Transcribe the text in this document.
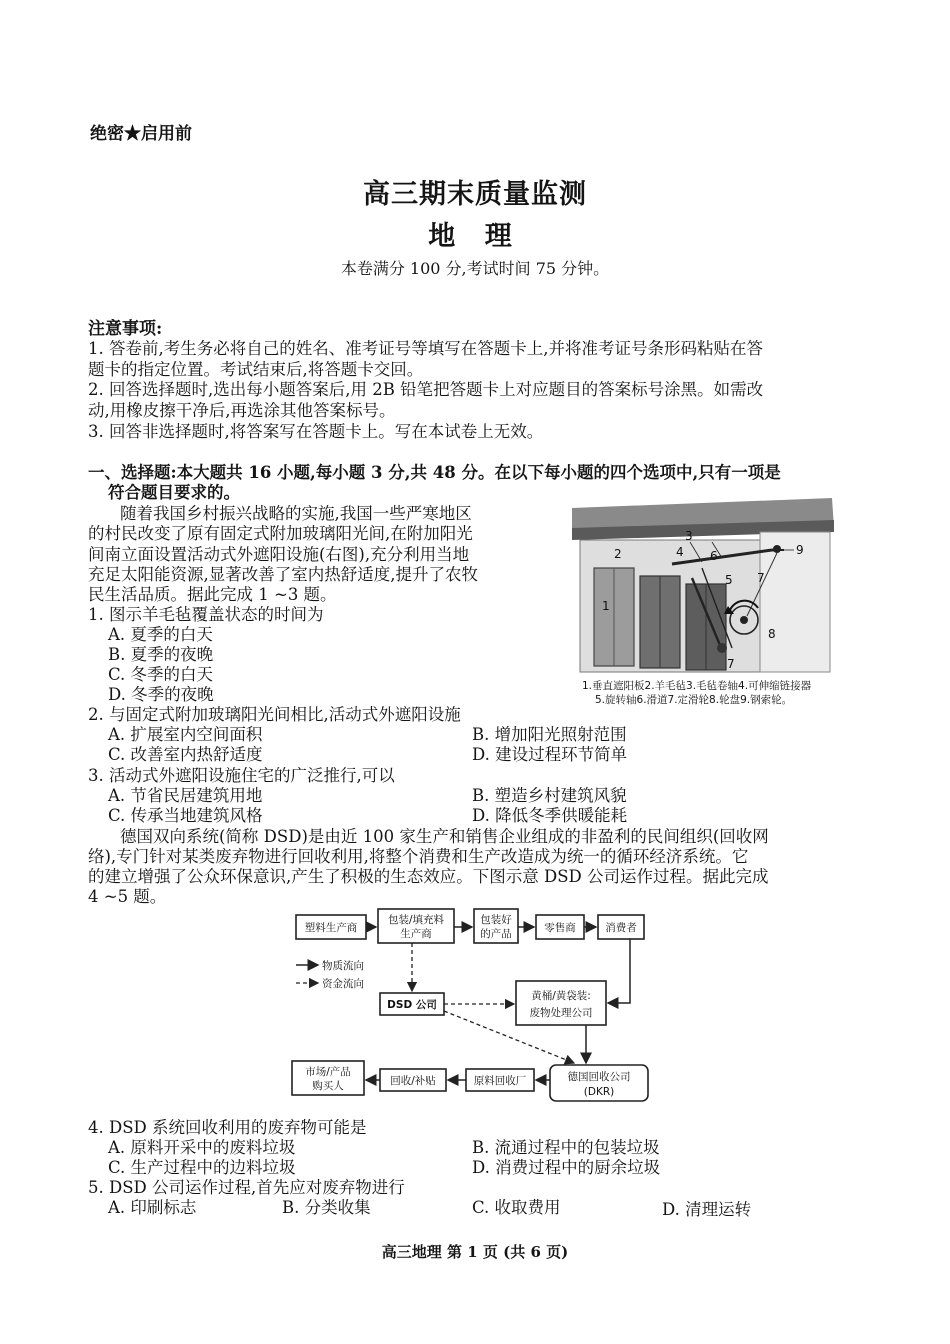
绝密★启用前
高三期末质量监测
地 理
本卷满分 100 分,考试时间 75 分钟。
注意事项:
1. 答卷前,考生务必将自己的姓名、准考证号等填写在答题卡上,并将准考证号条形码粘贴在答
题卡的指定位置。考试结束后,将答题卡交回。
2. 回答选择题时,选出每小题答案后,用 2B 铅笔把答题卡上对应题目的答案标号涂黑。如需改
动,用橡皮擦干净后,再选涂其他答案标号。
3. 回答非选择题时,将答案写在答题卡上。写在本试卷上无效。
一、选择题:本大题共 16 小题,每小题 3 分,共 48 分。在以下每小题的四个选项中,只有一项是
符合题目要求的。
随着我国乡村振兴战略的实施,我国一些严寒地区
的村民改变了原有固定式附加玻璃阳光间,在附加阳光
间南立面设置活动式外遮阳设施(右图),充分利用当地
充足太阳能资源,显著改善了室内热舒适度,提升了农牧
民生活品质。据此完成 1 ~3 题。
1
2
3
4
5
6
7
8
9
7
1.垂直遮阳板2.羊毛毡3.毛毡卷轴4.可伸缩链接器
5.旋转轴6.滑道7.定滑轮8.轮盘9.钢索轮。
1. 图示羊毛毡覆盖状态的时间为
A. 夏季的白天
B. 夏季的夜晚
C. 冬季的白天
D. 冬季的夜晚
2. 与固定式附加玻璃阳光间相比,活动式外遮阳设施
A. 扩展室内空间面积	B. 增加阳光照射范围
C. 改善室内热舒适度	D. 建设过程环节简单
3. 活动式外遮阳设施住宅的广泛推行,可以
A. 节省民居建筑用地	B. 塑造乡村建筑风貌
C. 传承当地建筑风格	D. 降低冬季供暖能耗
德国双向系统(简称 DSD)是由近 100 家生产和销售企业组成的非盈利的民间组织(回收网
络),专门针对某类废弃物进行回收利用,将整个消费和生产改造成为统一的循环经济系统。它
的建立增强了公众环保意识,产生了积极的生态效应。下图示意 DSD 公司运作过程。据此完成
4 ~5 题。
物质流向
资金流向
塑料生产商
包装/填充料
生产商
包装好
的产品	零售商	消费者
DSD 公司
黄桶/黄袋装:
废物处理公司
市场/产品
购买人	回收/补贴	原料回收厂	德国回收公司
(DKR)
4. DSD 系统回收利用的废弃物可能是
A. 原料开采中的废料垃圾	B. 流通过程中的包装垃圾
C. 生产过程中的边料垃圾	D. 消费过程中的厨余垃圾
5. DSD 公司运作过程,首先应对废弃物进行
A. 印刷标志	B. 分类收集	C. 收取费用	D. 清理运转
高三地理 第 1 页 (共 6 页)
